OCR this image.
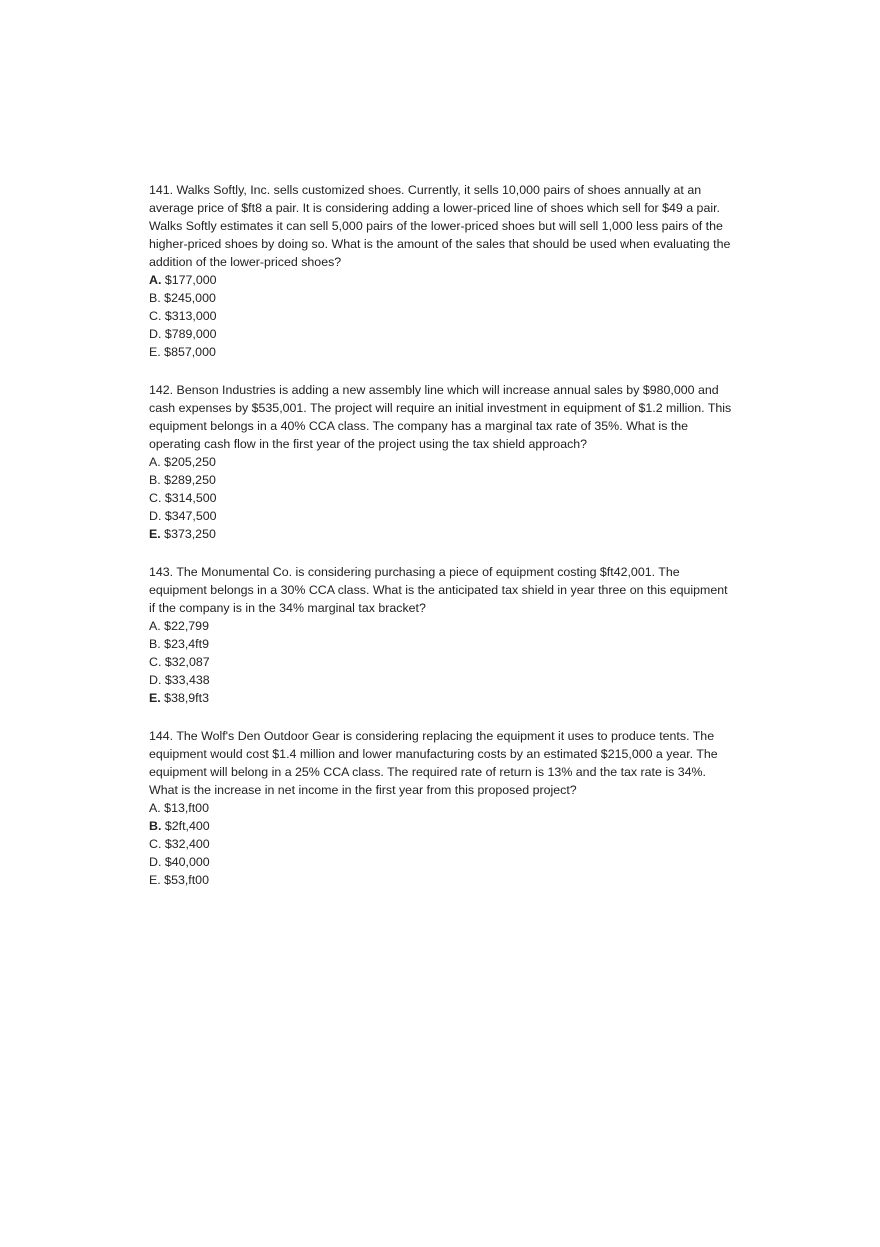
141. Walks Softly, Inc. sells customized shoes. Currently, it sells 10,000 pairs of shoes annually at an average price of $ft8 a pair. It is considering adding a lower-priced line of shoes which sell for $49 a pair. Walks Softly estimates it can sell 5,000 pairs of the lower-priced shoes but will sell 1,000 less pairs of the higher-priced shoes by doing so. What is the amount of the sales that should be used when evaluating the addition of the lower-priced shoes?

A. $177,000
B. $245,000
C. $313,000
D. $789,000
E. $857,000

142. Benson Industries is adding a new assembly line which will increase annual sales by $980,000 and cash expenses by $535,001. The project will require an initial investment in equipment of $1.2 million. This equipment belongs in a 40% CCA class. The company has a marginal tax rate of 35%. What is the operating cash flow in the first year of the project using the tax shield approach?

A. $205,250
B. $289,250
C. $314,500
D. $347,500
E. $373,250

143. The Monumental Co. is considering purchasing a piece of equipment costing $ft42,001. The equipment belongs in a 30% CCA class. What is the anticipated tax shield in year three on this equipment if the company is in the 34% marginal tax bracket?

A. $22,799
B. $23,4ft9
C. $32,087
D. $33,438
E. $38,9ft3

144. The Wolf's Den Outdoor Gear is considering replacing the equipment it uses to produce tents. The equipment would cost $1.4 million and lower manufacturing costs by an estimated $215,000 a year. The equipment will belong in a 25% CCA class. The required rate of return is 13% and the tax rate is 34%. What is the increase in net income in the first year from this proposed project?

A. $13,ft00
B. $2ft,400
C. $32,400
D. $40,000
E. $53,ft00
